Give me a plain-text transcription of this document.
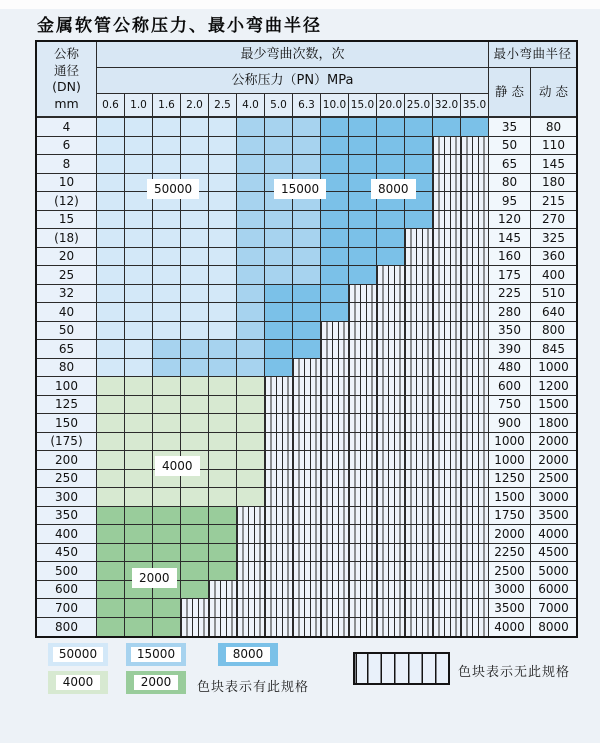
金属软管公称压力、最小弯曲半径
公称
通径
(DN)
mm
最少弯曲次数，次	最小弯曲半径
公称压力（PN）MPa
静 态	动 态
0.6	1.0	1.6	2.0	2.5	4.0	5.0	6.3 10.0 15.0 20.0 25.0 32.0 35.0
4	35	80
6	50	110
8	65	145
10	80	180
(12)	95	215
15	120	270
(18)	145	325
20	160	360
25	175	400
32	225	510
40	280	640
50	350	800
65	390	845
80	480	1000
100	600	1200
125	750	1500
150	900	1800
(175)	1000	2000
200	1000	2000
250	1250	2500
300	1500	3000
350	1750	3500
400	2000	4000
450	2250	4500
500	2500	5000
600	3000	6000
700	3500	7000
800	4000	8000
50000	15000	8000
4000
2000
50000	15000	8000
4000	2000	色块表示有此规格
色块表示无此规格
